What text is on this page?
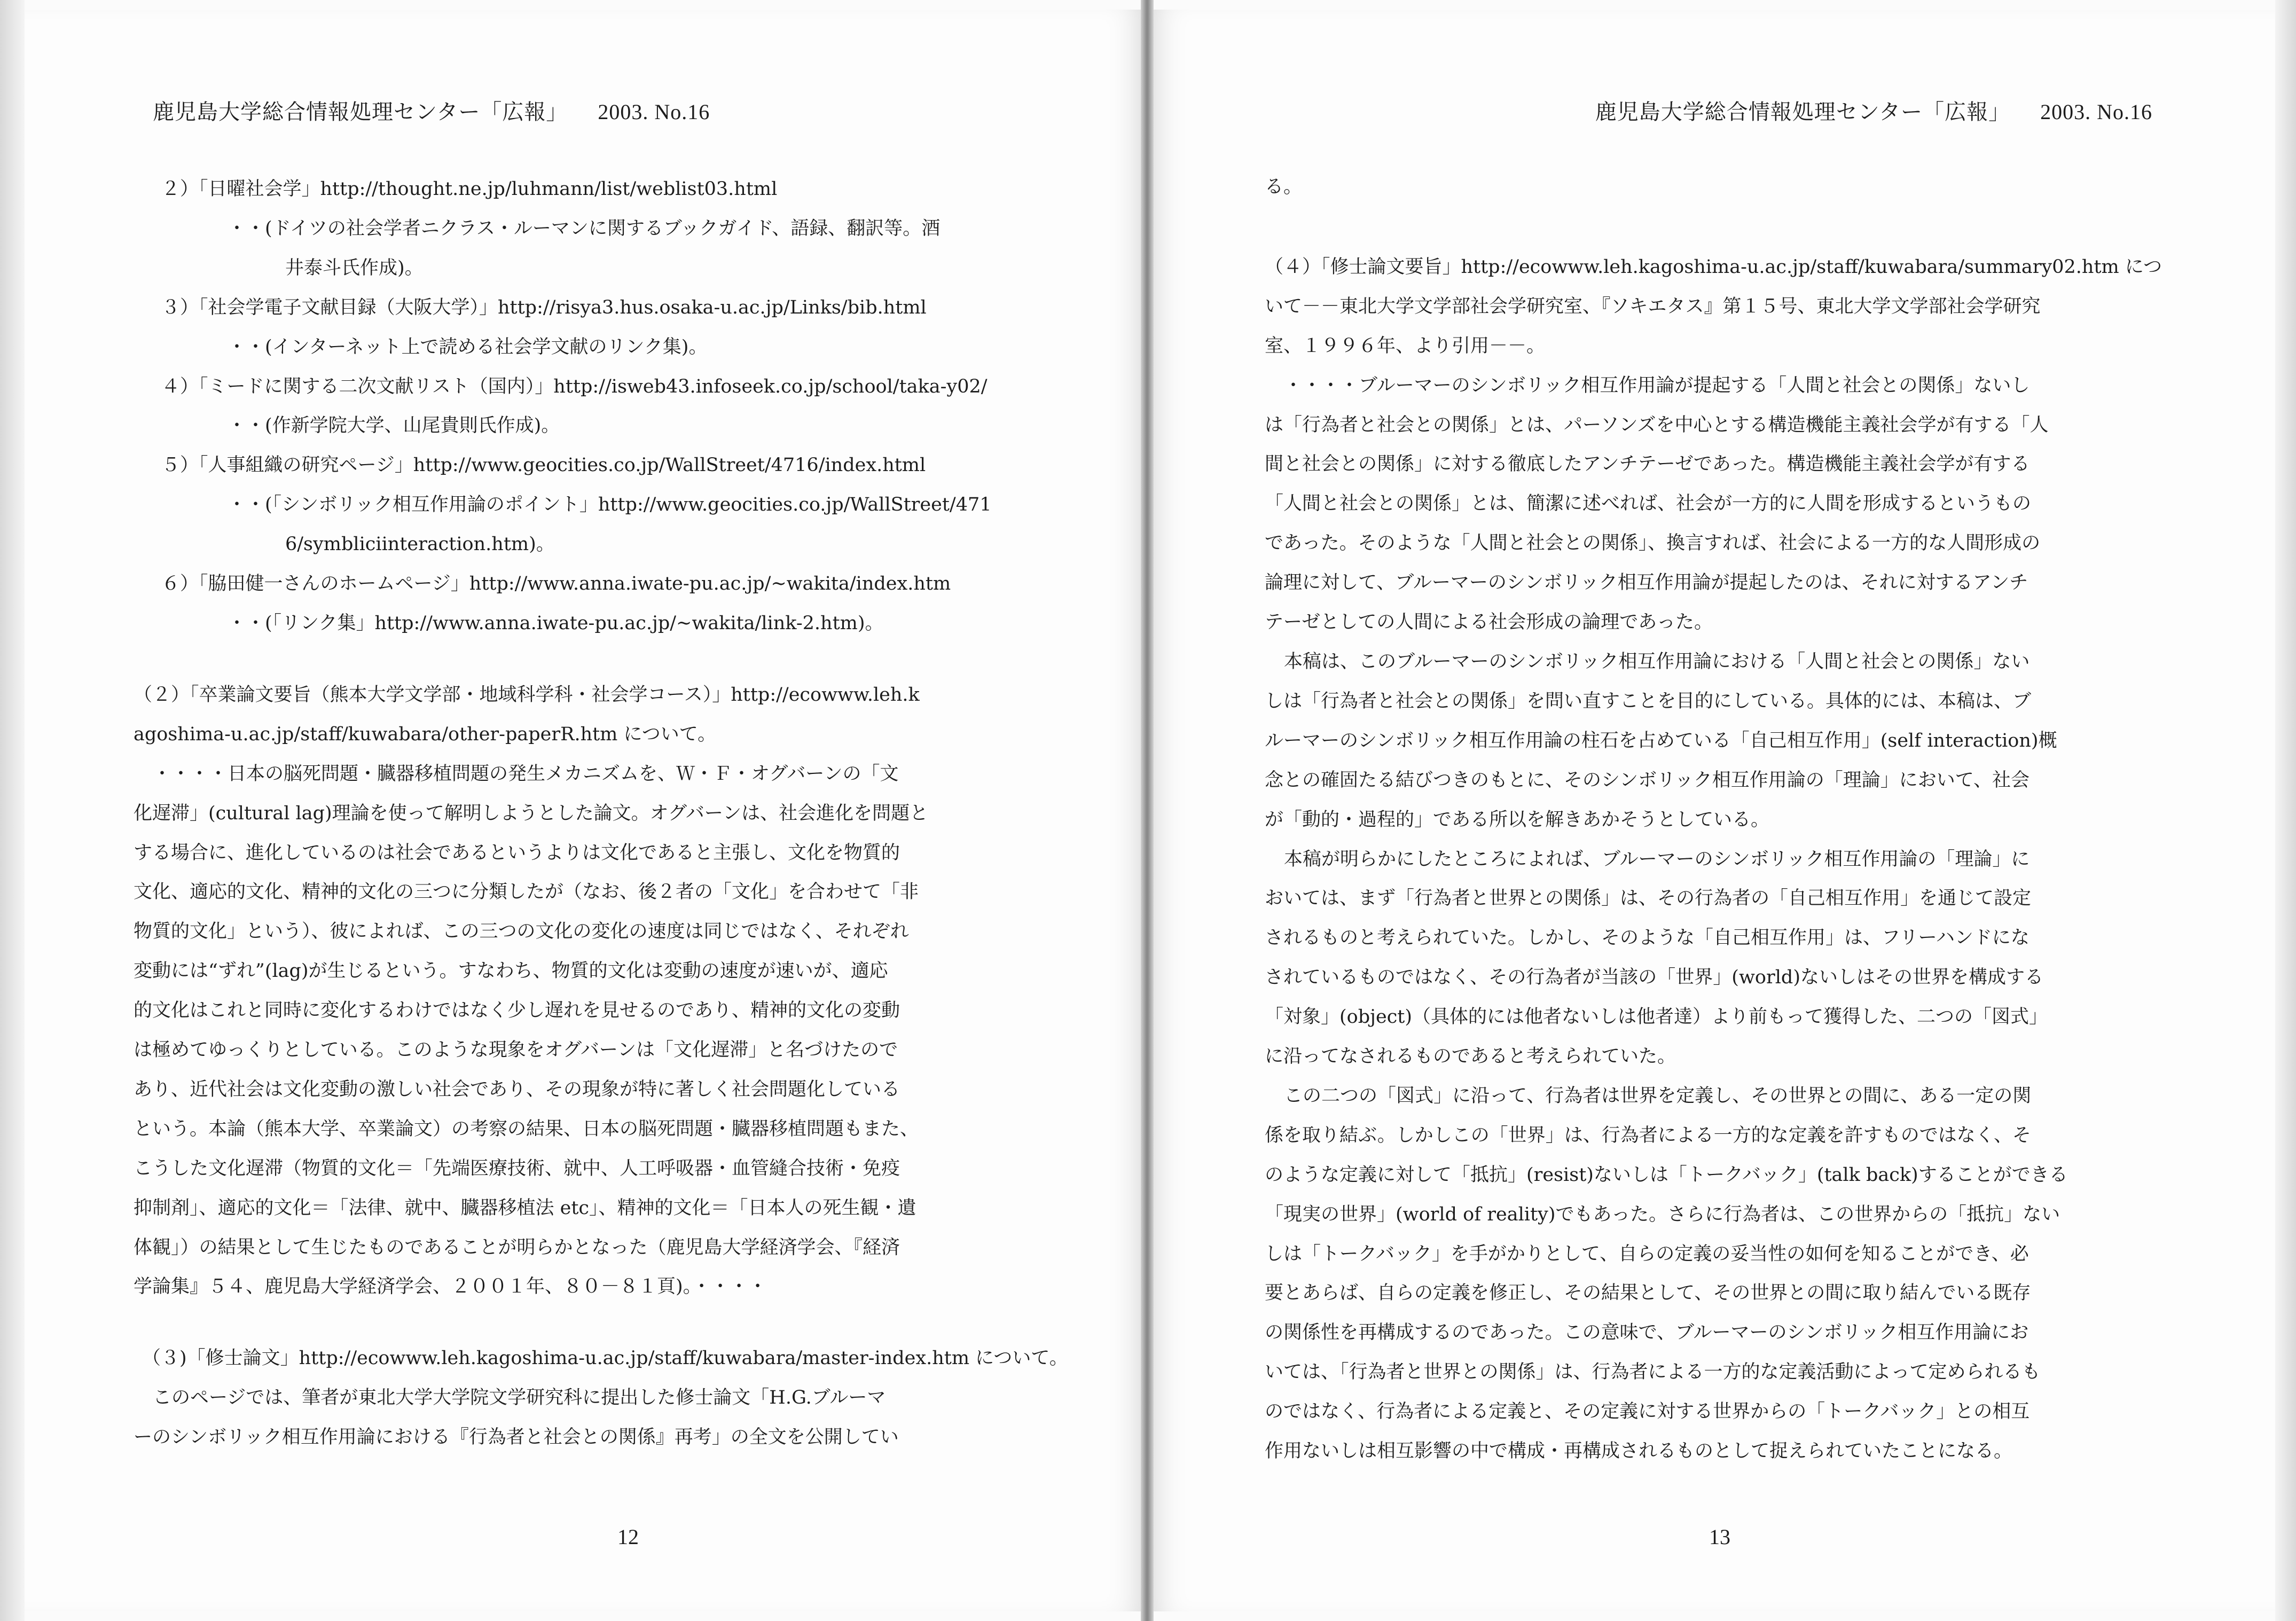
鹿児島大学総合情報処理センター「広報」 2003. No.16

２）「日曜社会学」http://thought.ne.jp/luhmann/list/weblist03.html

・・(ドイツの社会学者ニクラス・ルーマンに関するブックガイド、語録、翻訳等。酒

井泰斗氏作成)。

３）「社会学電子文献目録（大阪大学）」http://risya3.hus.osaka-u.ac.jp/Links/bib.html

・・(インターネット上で読める社会学文献のリンク集)。

４）「ミードに関する二次文献リスト（国内）」http://isweb43.infoseek.co.jp/school/taka-y02/

・・(作新学院大学、山尾貴則氏作成)。

５）「人事組織の研究ページ」http://www.geocities.co.jp/WallStreet/4716/index.html

・・(「シンボリック相互作用論のポイント」http://www.geocities.co.jp/WallStreet/471

6/symbliciinteraction.htm)。

６）「脇田健一さんのホームページ」http://www.anna.iwate-pu.ac.jp/~wakita/index.htm

・・(「リンク集」http://www.anna.iwate-pu.ac.jp/~wakita/link-2.htm)。

（２）「卒業論文要旨（熊本大学文学部・地域科学科・社会学コース）」http://ecowww.leh.k

agoshima-u.ac.jp/staff/kuwabara/other-paperR.htm について。

・・・・日本の脳死問題・臓器移植問題の発生メカニズムを、Ｗ・Ｆ・オグバーンの「文

化遅滞」(cultural lag)理論を使って解明しようとした論文。オグバーンは、社会進化を問題と

する場合に、進化しているのは社会であるというよりは文化であると主張し、文化を物質的

文化、適応的文化、精神的文化の三つに分類したが（なお、後２者の「文化」を合わせて「非

物質的文化」という）、彼によれば、この三つの文化の変化の速度は同じではなく、それぞれ

変動には“ずれ”(lag)が生じるという。すなわち、物質的文化は変動の速度が速いが、適応

的文化はこれと同時に変化するわけではなく少し遅れを見せるのであり、精神的文化の変動

は極めてゆっくりとしている。このような現象をオグバーンは「文化遅滞」と名づけたので

あり、近代社会は文化変動の激しい社会であり、その現象が特に著しく社会問題化している

という。本論（熊本大学、卒業論文）の考察の結果、日本の脳死問題・臓器移植問題もまた、

こうした文化遅滞（物質的文化＝「先端医療技術、就中、人工呼吸器・血管縫合技術・免疫

抑制剤」、適応的文化＝「法律、就中、臓器移植法 etc」、精神的文化＝「日本人の死生観・遺

体観」）の結果として生じたものであることが明らかとなった（鹿児島大学経済学会、『経済

学論集』５４、鹿児島大学経済学会、２００１年、８０－８１頁)。・・・・

（３)「修士論文」http://ecowww.leh.kagoshima-u.ac.jp/staff/kuwabara/master-index.htm について。

このページでは、筆者が東北大学大学院文学研究科に提出した修士論文「H.G.ブルーマ

ーのシンボリック相互作用論における『行為者と社会との関係』再考」の全文を公開してい

12
鹿児島大学総合情報処理センター「広報」 2003. No.16

る。

（４）「修士論文要旨」http://ecowww.leh.kagoshima-u.ac.jp/staff/kuwabara/summary02.htm につ

いて－－東北大学文学部社会学研究室、『ソキエタス』第１５号、東北大学文学部社会学研究

室、１９９６年、より引用－－。

・・・・ブルーマーのシンボリック相互作用論が提起する「人間と社会との関係」ないし

は「行為者と社会との関係」とは、パーソンズを中心とする構造機能主義社会学が有する「人

間と社会との関係」に対する徹底したアンチテーゼであった。構造機能主義社会学が有する

「人間と社会との関係」とは、簡潔に述べれば、社会が一方的に人間を形成するというもの

であった。そのような「人間と社会との関係」、換言すれば、社会による一方的な人間形成の

論理に対して、ブルーマーのシンボリック相互作用論が提起したのは、それに対するアンチ

テーゼとしての人間による社会形成の論理であった。

本稿は、このブルーマーのシンボリック相互作用論における「人間と社会との関係」ない

しは「行為者と社会との関係」を問い直すことを目的にしている。具体的には、本稿は、ブ

ルーマーのシンボリック相互作用論の柱石を占めている「自己相互作用」(self interaction)概

念との確固たる結びつきのもとに、そのシンボリック相互作用論の「理論」において、社会

が「動的・過程的」である所以を解きあかそうとしている。

本稿が明らかにしたところによれば、ブルーマーのシンボリック相互作用論の「理論」に

おいては、まず「行為者と世界との関係」は、その行為者の「自己相互作用」を通じて設定

されるものと考えられていた。しかし、そのような「自己相互作用」は、フリーハンドにな

されているものではなく、その行為者が当該の「世界」(world)ないしはその世界を構成する

「対象」(object)（具体的には他者ないしは他者達）より前もって獲得した、二つの「図式」

に沿ってなされるものであると考えられていた。

この二つの「図式」に沿って、行為者は世界を定義し、その世界との間に、ある一定の関

係を取り結ぶ。しかしこの「世界」は、行為者による一方的な定義を許すものではなく、そ

のような定義に対して「抵抗」(resist)ないしは「トークバック」(talk back)することができる

「現実の世界」(world of reality)でもあった。さらに行為者は、この世界からの「抵抗」ない

しは「トークバック」を手がかりとして、自らの定義の妥当性の如何を知ることができ、必

要とあらば、自らの定義を修正し、その結果として、その世界との間に取り結んでいる既存

の関係性を再構成するのであった。この意味で、ブルーマーのシンボリック相互作用論にお

いては、「行為者と世界との関係」は、行為者による一方的な定義活動によって定められるも

のではなく、行為者による定義と、その定義に対する世界からの「トークバック」との相互

作用ないしは相互影響の中で構成・再構成されるものとして捉えられていたことになる。

13
